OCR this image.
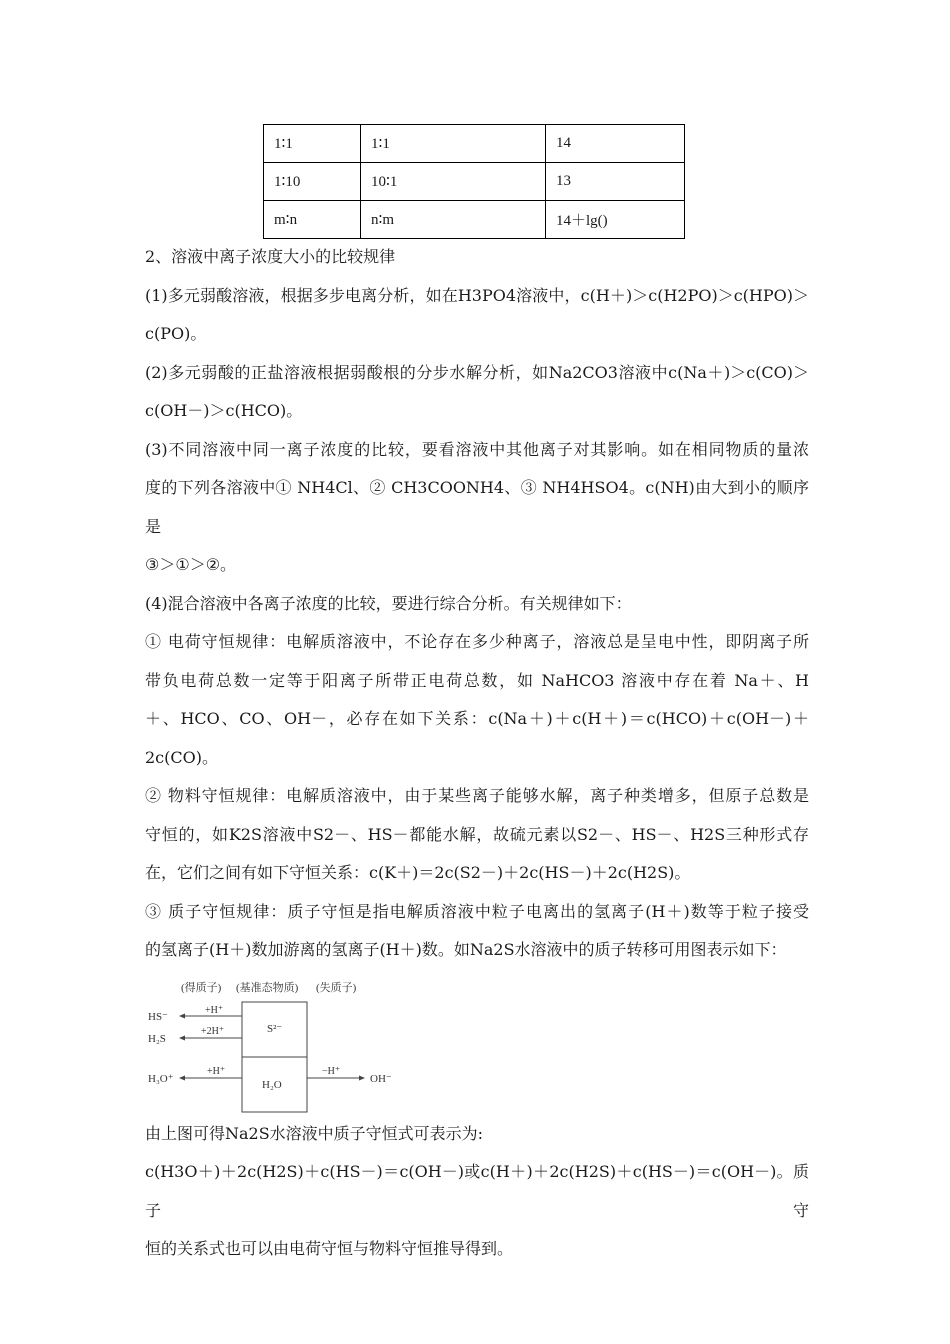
1∶1	1∶1	14
1∶10	10∶1	13
m∶n	n∶m	14＋lg()

2、溶液中离子浓度大小的比较规律

(1)多元弱酸溶液，根据多步电离分析，如在H3PO4溶液中，c(H＋)＞c(H2PO)＞c(HPO)＞

c(PO)。

(2)多元弱酸的正盐溶液根据弱酸根的分步水解分析，如Na2CO3溶液中c(Na＋)＞c(CO)＞

c(OH－)＞c(HCO)。

(3)不同溶液中同一离子浓度的比较，要看溶液中其他离子对其影响。如在相同物质的量浓

度的下列各溶液中① NH4Cl、② CH3COONH4、③ NH4HSO4。c(NH)由大到小的顺序是

③＞①＞②。

(4)混合溶液中各离子浓度的比较，要进行综合分析。有关规律如下：

① 电荷守恒规律：电解质溶液中，不论存在多少种离子，溶液总是呈电中性，即阴离子所

带负电荷总数一定等于阳离子所带正电荷总数，如 NaHCO3 溶液中存在着 Na＋、H

＋、HCO、CO、OH－，必存在如下关系：c(Na＋)＋c(H＋)＝c(HCO)＋c(OH－)＋

2c(CO)。

② 物料守恒规律：电解质溶液中，由于某些离子能够水解，离子种类增多，但原子总数是

守恒的，如K2S溶液中S2－、HS－都能水解，故硫元素以S2－、HS－、H2S三种形式存

在，它们之间有如下守恒关系：c(K＋)＝2c(S2－)＋2c(HS－)＋2c(H2S)。

③ 质子守恒规律：质子守恒是指电解质溶液中粒子电离出的氢离子(H＋)数等于粒子接受

的氢离子(H＋)数加游离的氢离子(H＋)数。如Na2S水溶液中的质子转移可用图表示如下：

(得质子) (基准态物质) (失质子)
S²⁻
H₂O
HS⁻
+H⁺
H₂S
+2H⁺
H₃O⁺
+H⁺
OH⁻
−H⁺

由上图可得Na2S水溶液中质子守恒式可表示为:

c(H3O＋)＋2c(H2S)＋c(HS－)＝c(OH－)或c(H＋)＋2c(H2S)＋c(HS－)＝c(OH－)。质子守

恒的关系式也可以由电荷守恒与物料守恒推导得到。
